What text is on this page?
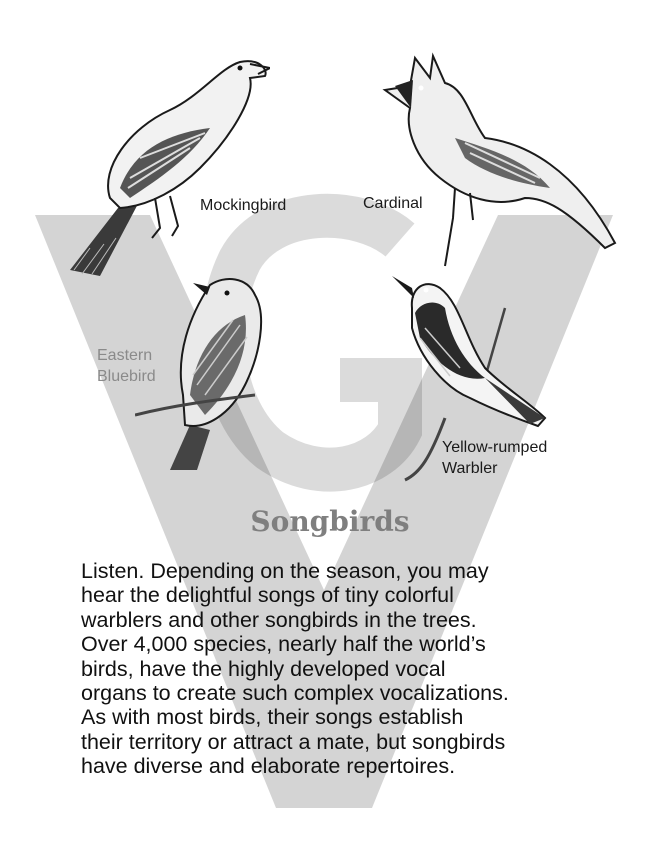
Mockingbird	Cardinal
Eastern
Bluebird
Yellow-rumped
Warbler
Songbirds

Listen. Depending on the season, you may
hear the delightful songs of tiny colorful
warblers and other songbirds in the trees.
Over 4,000 species, nearly half the world’s
birds, have the highly developed vocal
organs to create such complex vocalizations.
As with most birds, their songs establish
their territory or attract a mate, but songbirds
have diverse and elaborate repertoires.
